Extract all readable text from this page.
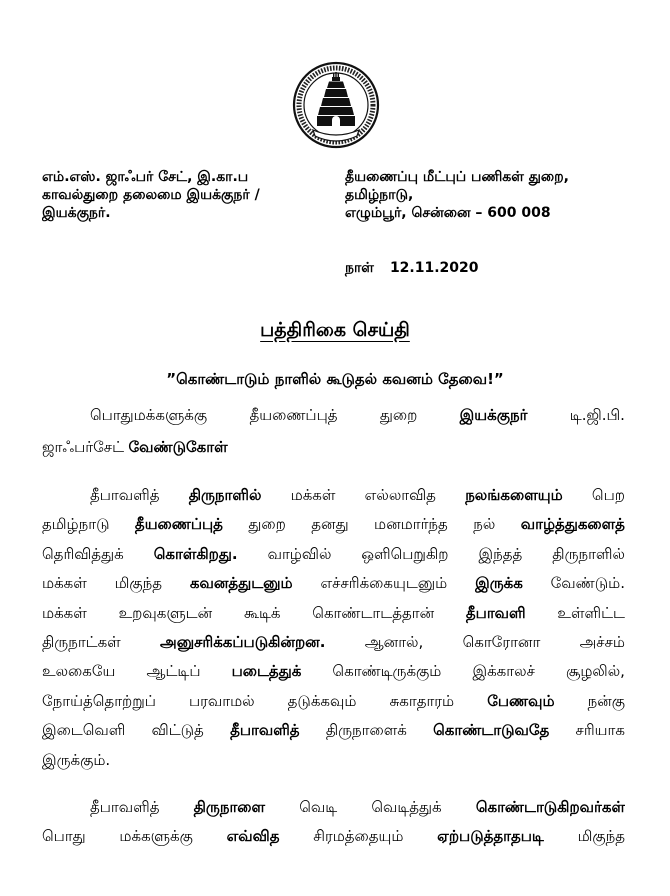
எம்.எஸ். ஜாஃபர் சேட், இ.கா.ப
காவல்துறை தலைமை இயக்குநர் /
இயக்குநர்.
தீயணைப்பு மீட்புப் பணிகள் துறை,
தமிழ்நாடு,
எழும்பூர், சென்னை – 600 008
நாள் 12.11.2020
பத்திரிகை செய்தி
”கொண்டாடும் நாளில் கூடுதல் கவனம் தேவை!”
பொதுமக்களுக்கு	தீயணைப்புத்	துறை	இயக்குநர்	டி.ஜி.பி.
ஜாஃபர்சேட் வேண்டுகோள்
தீபாவளித் திருநாளில் மக்கள் எல்லாவித நலங்களையும் பெற
தமிழ்நாடு தீயணைப்புத் துறை தனது மனமார்ந்த நல் வாழ்த்துகளைத்
தெரிவித்துக் கொள்கிறது. வாழ்வில் ஒளிபெறுகிற இந்தத் திருநாளில்
மக்கள் மிகுந்த கவனத்துடனும் எச்சரிக்கையுடனும் இருக்க வேண்டும்.
மக்கள் உறவுகளுடன் கூடிக் கொண்டாடத்தான் தீபாவளி உள்ளிட்ட
திருநாட்கள்	அனுசரிக்கப்படுகின்றன.	ஆனால்,	கொரோனா	அச்சம்
உலகையே ஆட்டிப் படைத்துக் கொண்டிருக்கும் இக்காலச் சூழலில்,
நோய்த்தொற்றுப் பரவாமல் தடுக்கவும் சுகாதாரம் பேணவும் நன்கு
இடைவெளி விட்டுத் தீபாவளித் திருநாளைக் கொண்டாடுவதே சரியாக
இருக்கும்.
தீபாவளித் திருநாளை வெடி வெடித்துக் கொண்டாடுகிறவர்கள்
பொது மக்களுக்கு எவ்வித சிரமத்தையும் ஏற்படுத்தாதபடி மிகுந்த
